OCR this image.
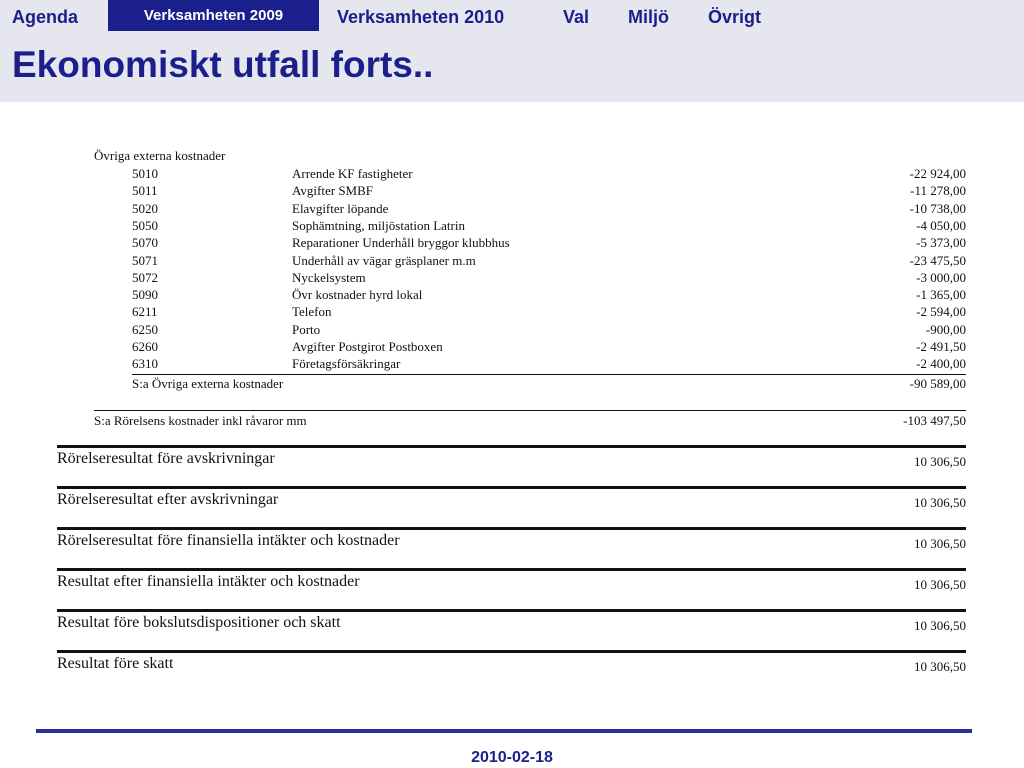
Agenda	Verksamheten 2009	Verksamheten 2010	Val Miljö Övrigt
Ekonomiskt utfall forts..
Övriga externa kostnader
5010	Arrende KF fastigheter	-22 924,00
5011	Avgifter SMBF	-11 278,00
5020	Elavgifter löpande	-10 738,00
5050	Sophämtning, miljöstation Latrin	-4 050,00
5070	Reparationer Underhåll bryggor klubbhus	-5 373,00
5071	Underhåll av vägar gräsplaner m.m	-23 475,50
5072	Nyckelsystem	-3 000,00
5090	Övr kostnader hyrd lokal	-1 365,00
6211	Telefon	-2 594,00
6250	Porto	-900,00
6260	Avgifter Postgirot Postboxen	-2 491,50
6310	Företagsförsäkringar	-2 400,00
S:a Övriga externa kostnader	-90 589,00
S:a Rörelsens kostnader inkl råvaror mm	-103 497,50
Rörelseresultat före avskrivningar	10 306,50
Rörelseresultat efter avskrivningar	10 306,50
Rörelseresultat före finansiella intäkter och kostnader	10 306,50
Resultat efter finansiella intäkter och kostnader	10 306,50
Resultat före bokslutsdispositioner och skatt	10 306,50
Resultat före skatt	10 306,50
2010-02-18
